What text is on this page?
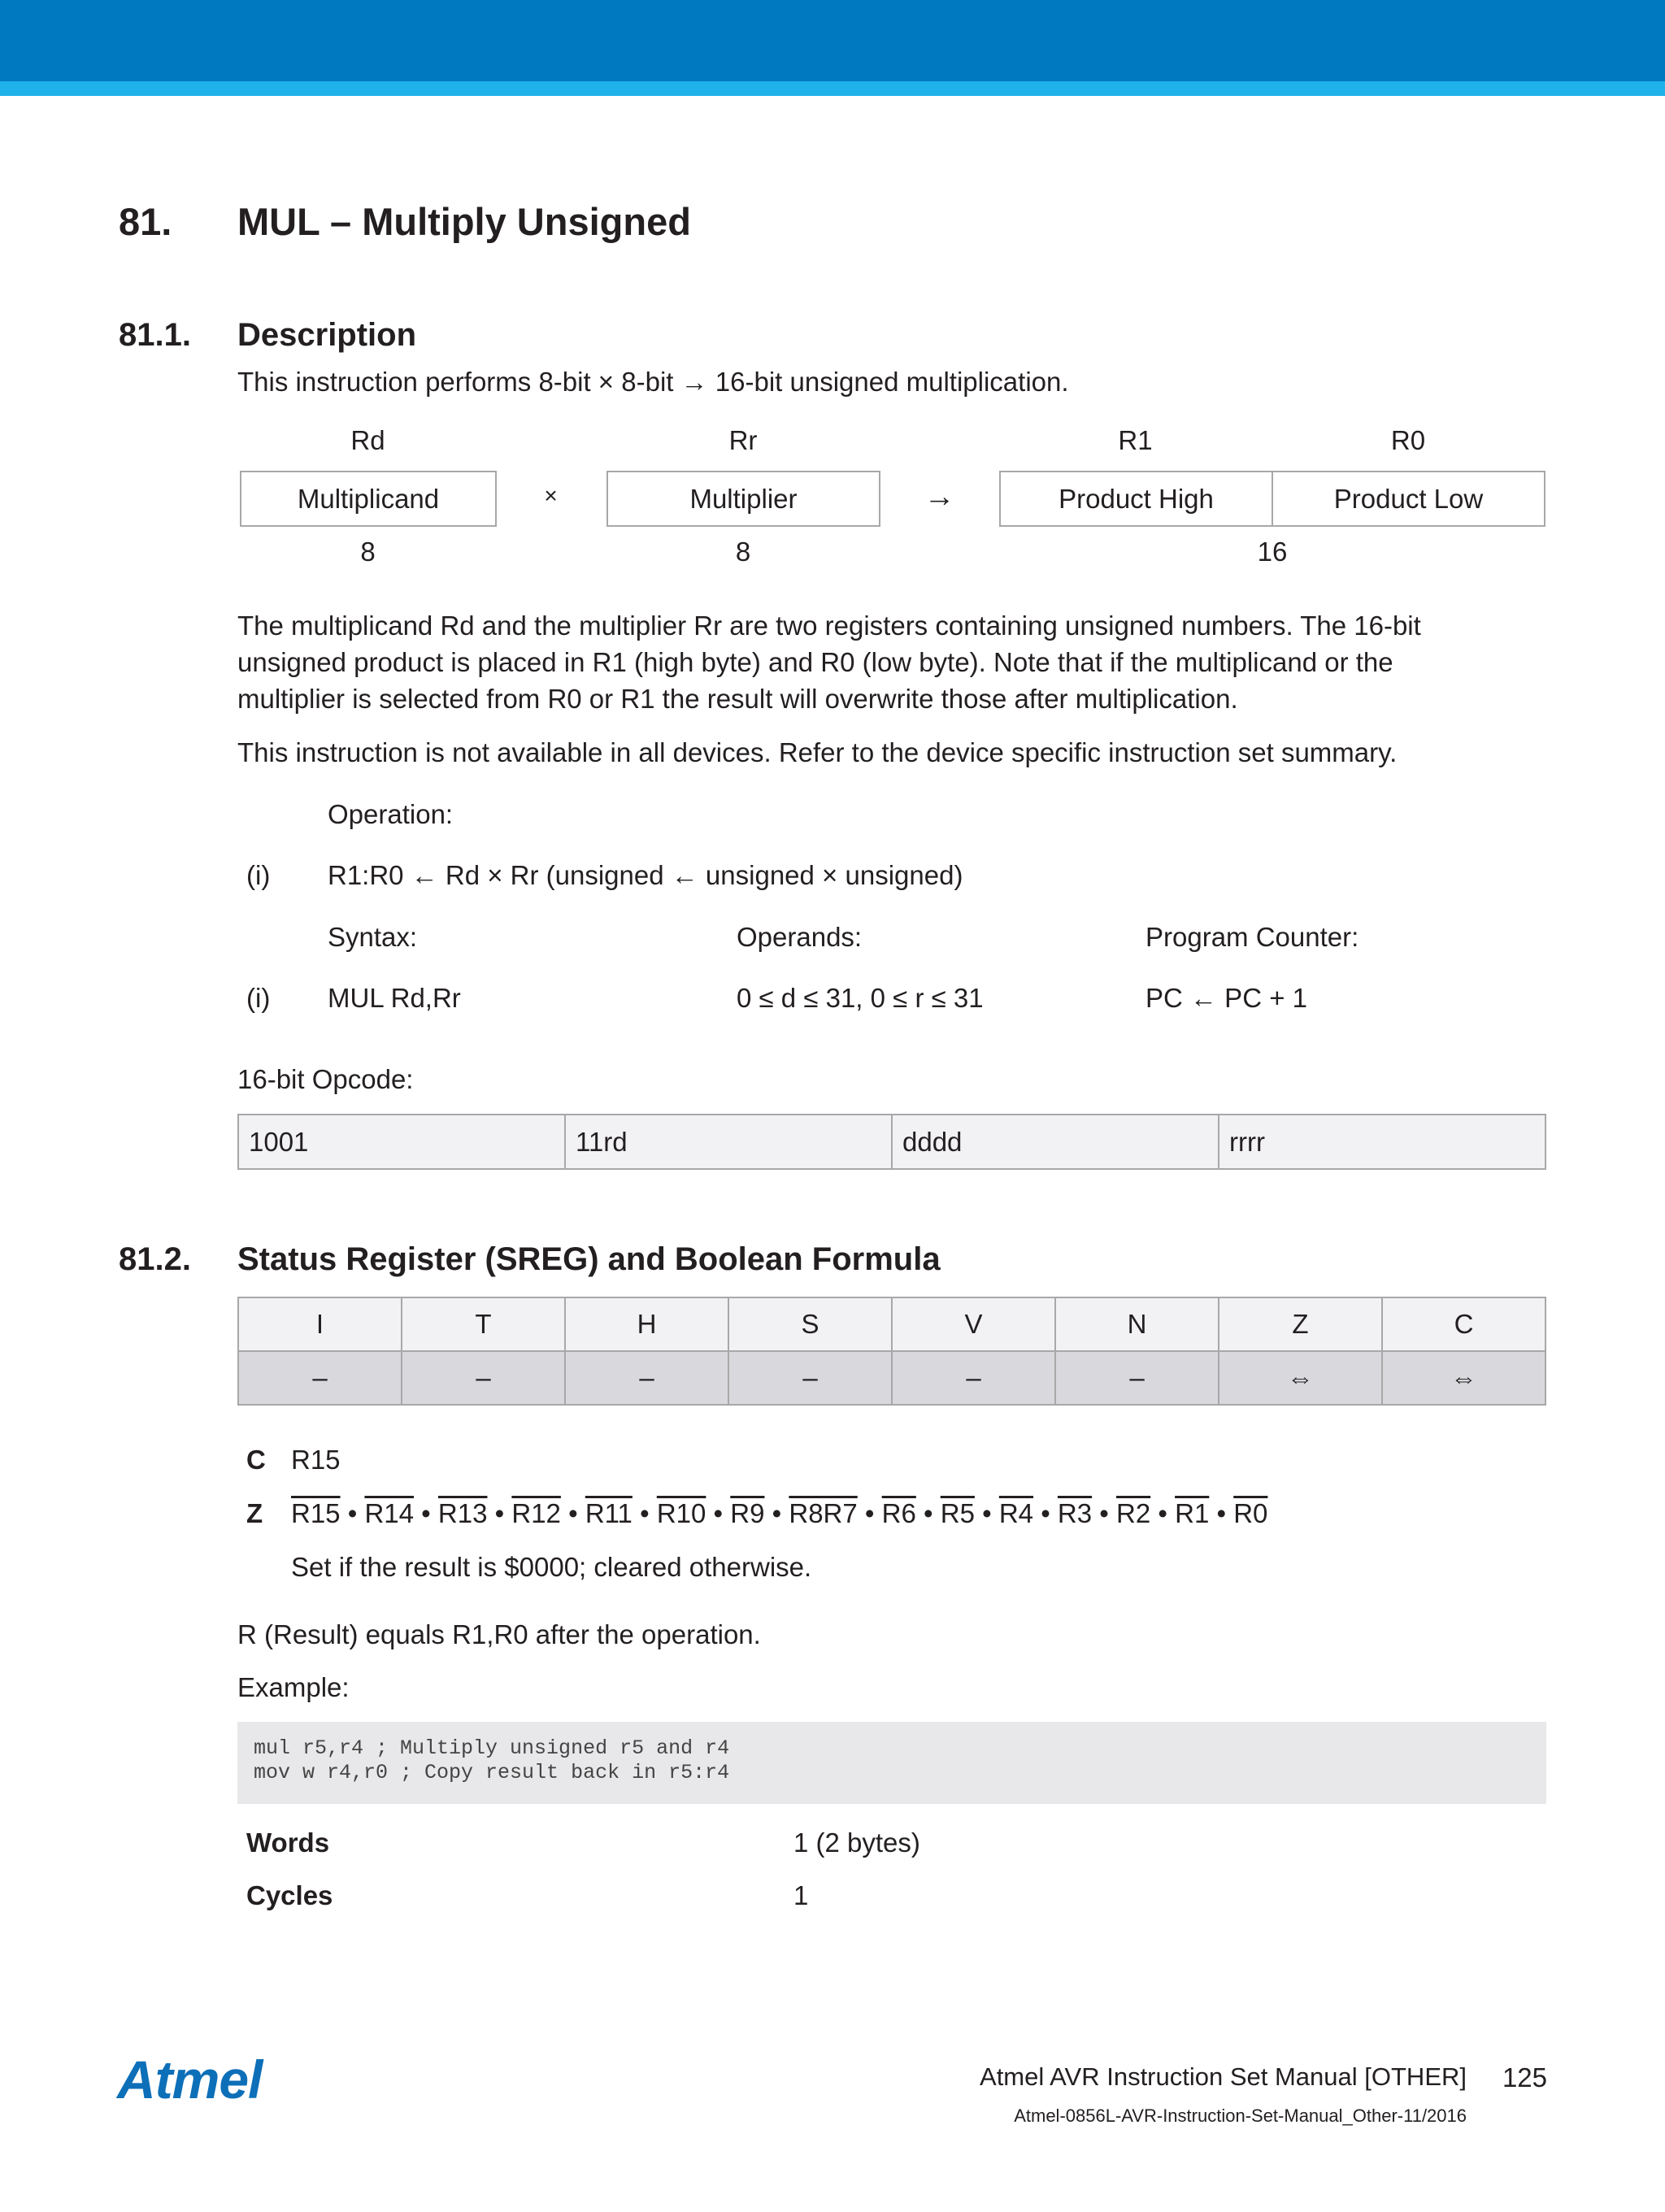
81. MUL – Multiply Unsigned
81.1. Description
This instruction performs 8-bit × 8-bit → 16-bit unsigned multiplication.
Rd	Rr	R1	R0
Multiplicand	×	Multiplier	→	Product High	Product Low
8	8	16
The multiplicand Rd and the multiplier Rr are two registers containing unsigned numbers. The 16-bit
unsigned product is placed in R1 (high byte) and R0 (low byte). Note that if the multiplicand or the
multiplier is selected from R0 or R1 the result will overwrite those after multiplication.
This instruction is not available in all devices. Refer to the device specific instruction set summary.
Operation:
(i) R1:R0 ← Rd × Rr (unsigned ← unsigned × unsigned)
Syntax:	Operands:	Program Counter:
(i) MUL Rd,Rr	0 ≤ d ≤ 31, 0 ≤ r ≤ 31	PC ← PC + 1
16-bit Opcode:
1001	11rd	dddd	rrrr
81.2. Status Register (SREG) and Boolean Formula
I	T	H	S	V	N	Z	C
–	–	–	–	–	–	⇔	⇔
C R15
Z R15 • R14 • R13 • R12 • R11 • R10 • R9 • R8R7 • R6 • R5 • R4 • R3 • R2 • R1 • R0
Set if the result is $0000; cleared otherwise.
R (Result) equals R1,R0 after the operation.
Example:
mul r5,r4 ; Multiply unsigned r5 and r4
mov w r4,r0 ; Copy result back in r5:r4
Words	1 (2 bytes)
Cycles	1
Atmel	Atmel AVR Instruction Set Manual [OTHER] 125
Atmel-0856L-AVR-Instruction-Set-Manual_Other-11/2016
